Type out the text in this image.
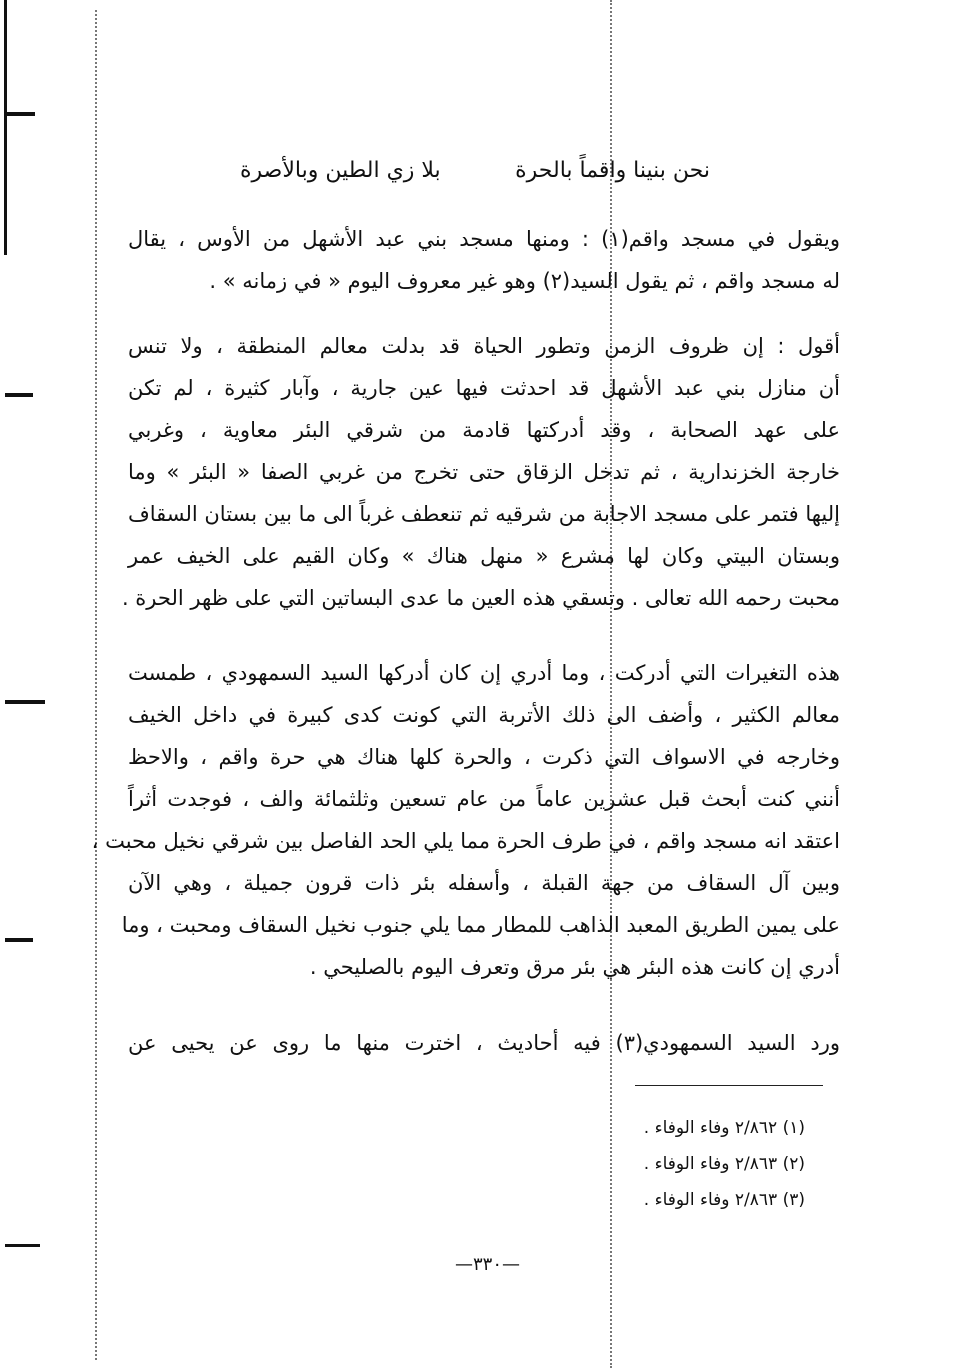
نحن بنينا واقماً بالحرة
بلا زي الطين وبالأصرة
ويقول في مسجد واقم(١) : ومنها مسجد بني عبد الأشهل من الأوس ، يقال
له مسجد واقم ، ثم يقول السيد(٢) وهو غير معروف اليوم « في زمانه » .
أقول : إن ظروف الزمن وتطور الحياة قد بدلت معالم المنطقة ، ولا تنس
أن منازل بني عبد الأشهل قد احدثت فيها عين جارية ، وآبار كثيرة ، لم تكن
على عهد الصحابة ، وقد أدركتها قادمة من شرقي البئر معاوية ، وغربي
خارجة الخزندارية ، ثم تدخل الزقاق حتى تخرج من غربي الصفا « البئر » وما
إليها فتمر على مسجد الاجابة من شرقيه ثم تنعطف غرباً الى ما بين بستان السقاف
وبستان البيتي وكان لها مشرع « منهل هناك » وكان القيم على الخيف عمر
محبت رحمه الله تعالى . وتسقي هذه العين ما عدى البساتين التي على ظهر الحرة .
هذه التغيرات التي أدركت ، وما أدري إن كان أدركها السيد السمهودي ، طمست
معالم الكثير ، وأضف الى ذلك الأتربة التي كونت كدى كبيرة في داخل الخيف
وخارجه في الاسواف التي ذكرت ، والحرة كلها هناك هي حرة واقم ، والاحظ
أنني كنت أبحث قبل عشرين عاماً من عام تسعين وثلثمائة والف ، فوجدت أثراً
اعتقد انه مسجد واقم ، في طرف الحرة مما يلي الحد الفاصل بين شرقي نخيل محبت ،
وبين آل السقاف من جهة القبلة ، وأسفله بئر ذات قرون جميلة ، وهي الآن
على يمين الطريق المعبد الذاهب للمطار مما يلي جنوب نخيل السقاف ومحبت ، وما
أدري إن كانت هذه البئر هي بئر مرق وتعرف اليوم بالصليحي .
ورد السيد السمهودي(٣) فيه أحاديث ، اخترت منها ما روى عن يحيى عن
(١) ٢/٨٦٢ وفاء الوفاء .
(٢) ٢/٨٦٣ وفاء الوفاء .
(٣) ٢/٨٦٣ وفاء الوفاء .
—٣٣٠—
